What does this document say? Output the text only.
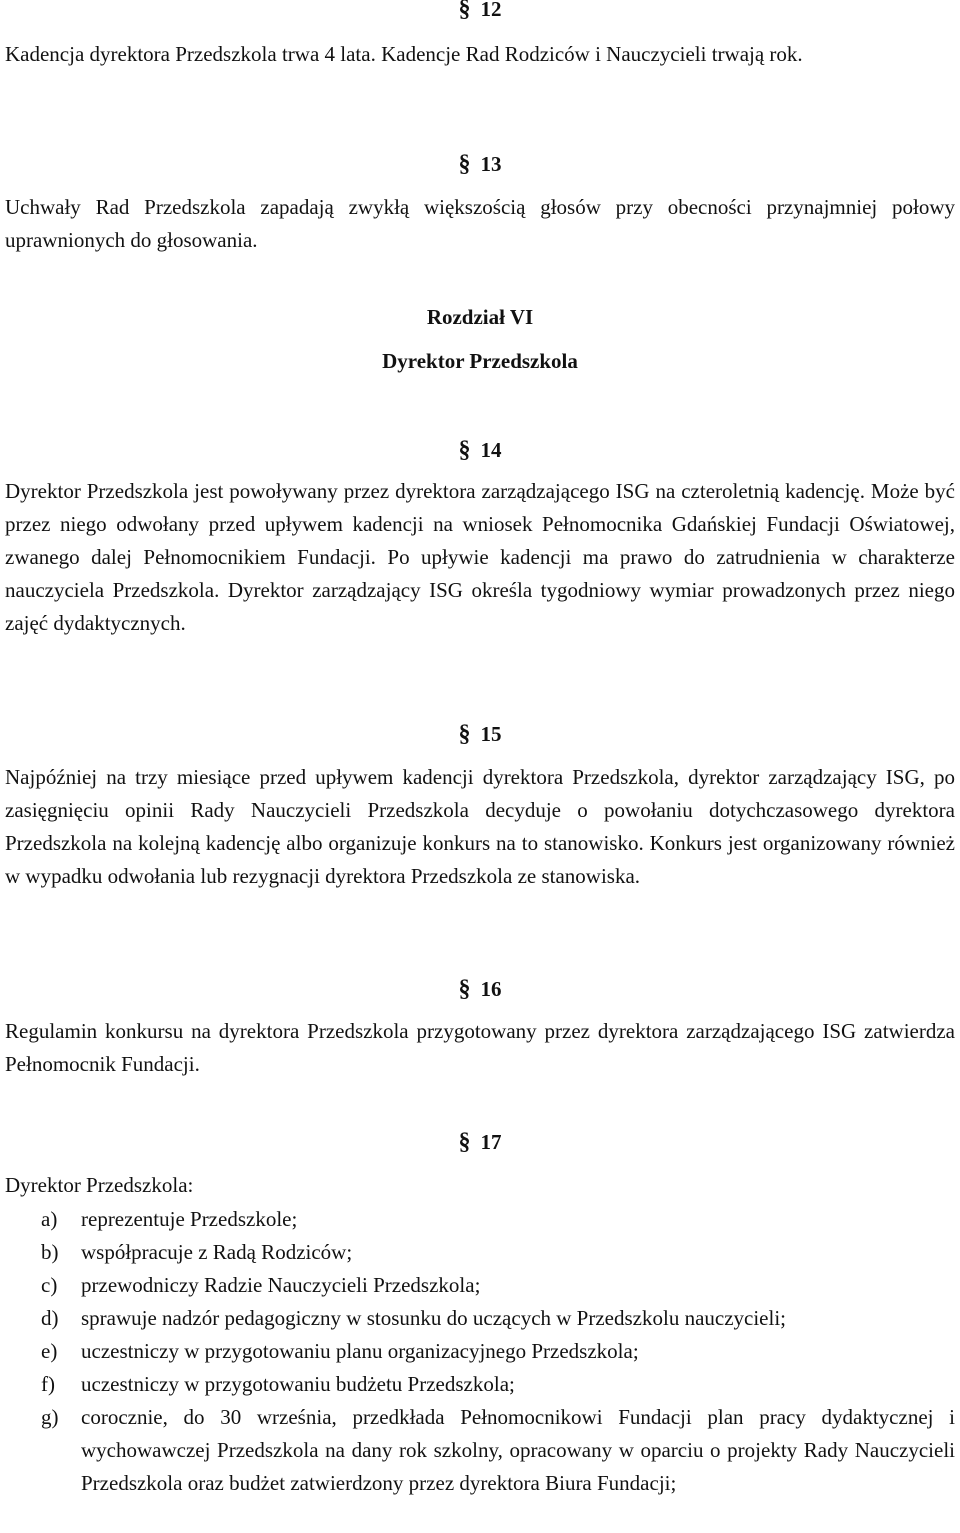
§ 12

Kadencja dyrektora Przedszkola trwa 4 lata. Kadencje Rad Rodziców i Nauczycieli trwają rok.

§ 13

Uchwały Rad Przedszkola zapadają zwykłą większością głosów przy obecności przynajmniej połowy uprawnionych do głosowania.

Rozdział VI
Dyrektor Przedszkola
§ 14

Dyrektor Przedszkola jest powoływany przez dyrektora zarządzającego ISG na czteroletnią kadencję. Może być przez niego odwołany przed upływem kadencji na wniosek Pełnomocnika Gdańskiej Fundacji Oświatowej, zwanego dalej Pełnomocnikiem Fundacji. Po upływie kadencji ma prawo do zatrudnienia w charakterze nauczyciela Przedszkola. Dyrektor zarządzający ISG określa tygodniowy wymiar prowadzonych przez niego zajęć dydaktycznych.

§ 15

Najpóźniej na trzy miesiące przed upływem kadencji dyrektora Przedszkola, dyrektor zarządzający ISG, po zasięgnięciu opinii Rady Nauczycieli Przedszkola decyduje o powołaniu dotychczasowego dyrektora Przedszkola na kolejną kadencję albo organizuje konkurs na to stanowisko. Konkurs jest organizowany również w wypadku odwołania lub rezygnacji dyrektora Przedszkola ze stanowiska.

§ 16

Regulamin konkursu na dyrektora Przedszkola przygotowany przez dyrektora zarządzającego ISG zatwierdza Pełnomocnik Fundacji.

§ 17

Dyrektor Przedszkola:

a) reprezentuje Przedszkole;
b) współpracuje z Radą Rodziców;
c) przewodniczy Radzie Nauczycieli Przedszkola;
d) sprawuje nadzór pedagogiczny w stosunku do uczących w Przedszkolu nauczycieli;
e) uczestniczy w przygotowaniu planu organizacyjnego Przedszkola;
f) uczestniczy w przygotowaniu budżetu Przedszkola;
g) corocznie, do 30 września, przedkłada Pełnomocnikowi Fundacji plan pracy dydaktycznej i wychowawczej Przedszkola na dany rok szkolny, opracowany w oparciu o projekty Rady Nauczycieli Przedszkola oraz budżet zatwierdzony przez dyrektora Biura Fundacji;
